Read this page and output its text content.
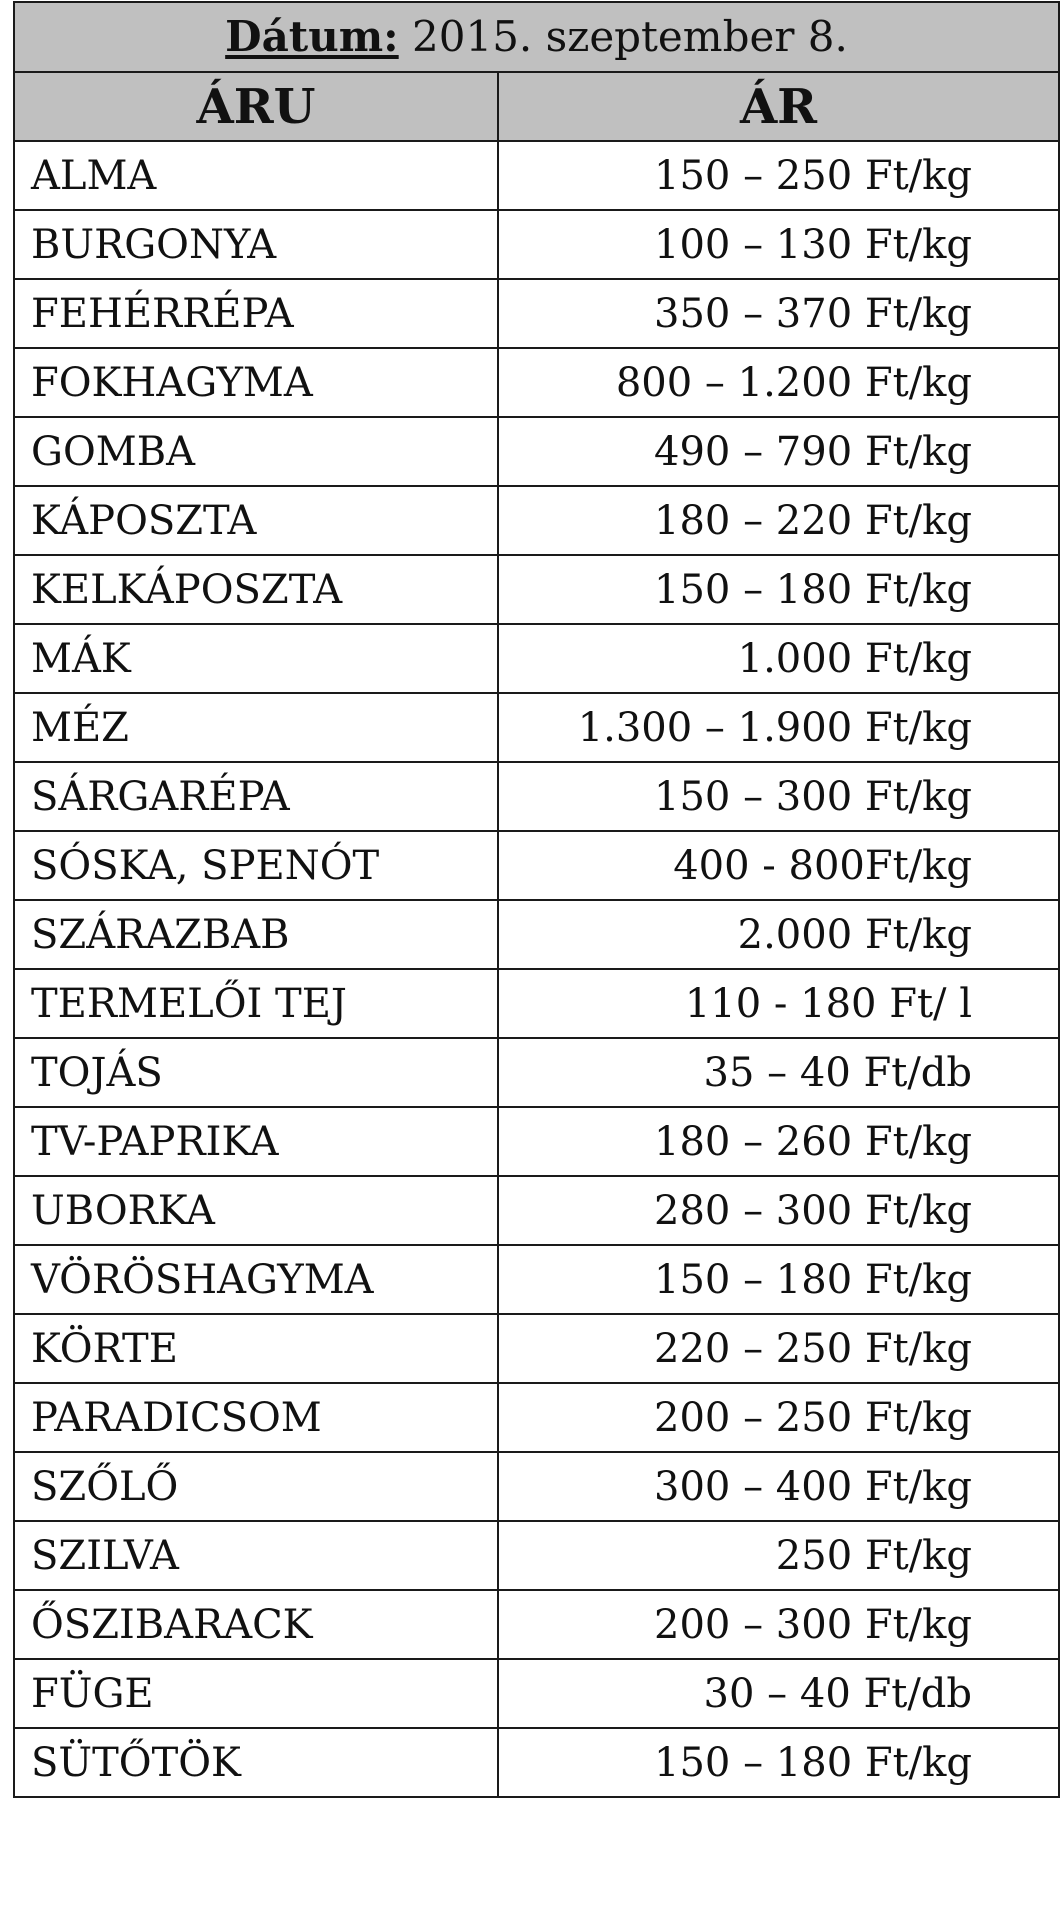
Dátum: 2015. szeptember 8.	
ÁRU	ÁR
ALMA	150 – 250 Ft/kg
BURGONYA	100 – 130 Ft/kg
FEHÉRRÉPA	350 – 370 Ft/kg
FOKHAGYMA	800 – 1.200 Ft/kg
GOMBA	490 – 790 Ft/kg
KÁPOSZTA	180 – 220 Ft/kg
KELKÁPOSZTA	150 – 180 Ft/kg
MÁK	1.000 Ft/kg
MÉZ	1.300 – 1.900 Ft/kg
SÁRGARÉPA	150 – 300 Ft/kg
SÓSKA, SPENÓT	400 - 800Ft/kg
SZÁRAZBAB	2.000 Ft/kg
TERMELŐI TEJ	110 - 180 Ft/ l
TOJÁS	35 – 40 Ft/db
TV-PAPRIKA	180 – 260 Ft/kg
UBORKA	280 – 300 Ft/kg
VÖRÖSHAGYMA	150 – 180 Ft/kg
KÖRTE	220 – 250 Ft/kg
PARADICSOM	200 – 250 Ft/kg
SZŐLŐ	300 – 400 Ft/kg
SZILVA	250 Ft/kg
ŐSZIBARACK	200 – 300 Ft/kg
FÜGE	30 – 40 Ft/db
SÜTŐTÖK	150 – 180 Ft/kg
